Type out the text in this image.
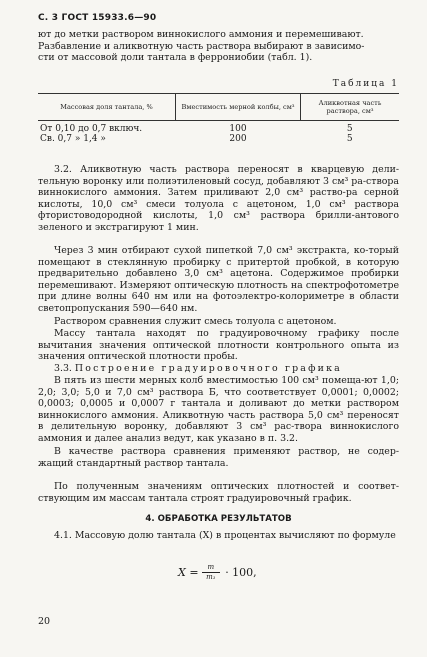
С. 3 ГОСТ 15933.6—90

ют до метки раствором виннокислого аммония и перемешивают.
Разбавление и аликвотную часть раствора выбирают в зависимо-
сти от массовой доли тантала в феррониобии (табл. 1).

Таблица 1
Массовая доля тантала, %	Вместимость мерной колбы, см³	Аликвотная часть раствора, см³
От 0,10 до 0,7 включ.	100	5
Св. 0,7 » 1,4 »	200	5

3.2. Аликвотную часть раствора переносят в кварцевую дели-тельную воронку или полиэтиленовый сосуд, добавляют 3 см³ ра-створа виннокислого аммония. Затем приливают 2,0 см³ раство-ра серной кислоты, 10,0 см³ смеси толуола с ацетоном, 1,0 см³ раствора фтористоводородной кислоты, 1,0 см³ раствора брилли-антового зеленого и экстрагируют 1 мин.

Через 3 мин отбирают сухой пипеткой 7,0 см³ экстракта, ко-торый помещают в стеклянную пробирку с притертой пробкой, в которую предварительно добавлено 3,0 см³ ацетона. Содержимое пробирки перемешивают. Измеряют оптическую плотность на спектрофотометре при длине волны 640 нм или на фотоэлектро-колориметре в области светопропускания 590—640 нм.

Раствором сравнения служит смесь толуола с ацетоном.

Массу тантала находят по градуировочному графику после вычитания значения оптической плотности контрольного опыта из значения оптической плотности пробы.

3.3. Построение градуировочного графика

В пять из шести мерных колб вместимостью 100 см³ помеща-ют 1,0; 2,0; 3,0; 5,0 и 7,0 см³ раствора Б, что соответствует 0,0001; 0,0002; 0,0003; 0,0005 и 0,0007 г тантала и доливают до метки раствором виннокислого аммония. Аликвотную часть раствора 5,0 см³ переносят в делительную воронку, добавляют 3 см³ рас-твора виннокислого аммония и далее анализ ведут, как указано в п. 3.2.

В качестве раствора сравнения применяют раствор, не содер-жащий стандартный раствор тантала.

По полученным значениям оптических плотностей и соответ-ствующим им массам тантала строят градуировочный график.

4. ОБРАБОТКА РЕЗУЛЬТАТОВ

4.1. Массовую долю тантала (X) в процентах вычисляют по формуле

$X = \frac{m}{\text{m₁}} \cdot 100$,
20
